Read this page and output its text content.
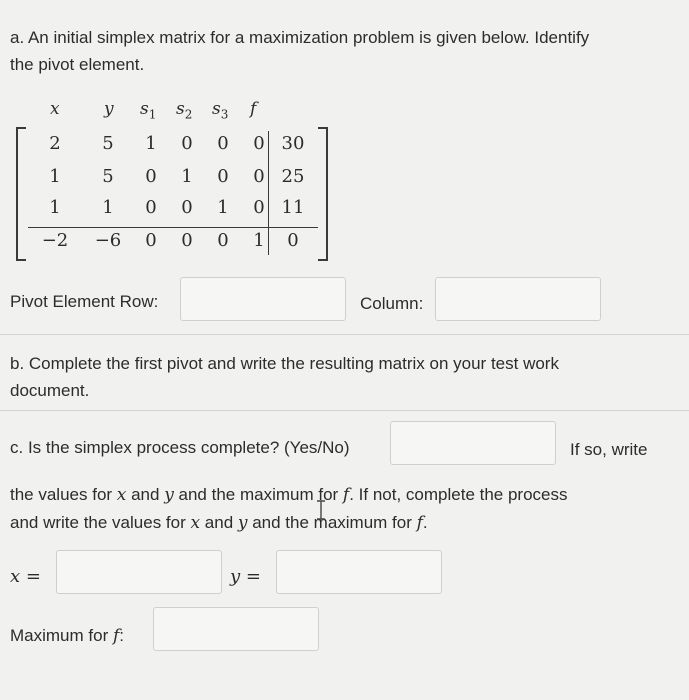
a. An initial simplex matrix for a maximization problem is given below. Identify
the pivot element.
x	y $s_1$ $s_2$ $s_3$ f
2	5	1	0	0	0 30
1	5	0	1	0	0 25
1	1	0	0	1	0 11
−2 −6	0	0	0	1	0
Pivot Element Row:	Column:
b. Complete the first pivot and write the resulting matrix on your test work
document.
c. Is the simplex process complete? (Yes/No)	If so, write
the values for x and y and the maximum for f. If not, complete the process
and write the values for x and y and the maximum for f.
x =	y =
Maximum for f:
